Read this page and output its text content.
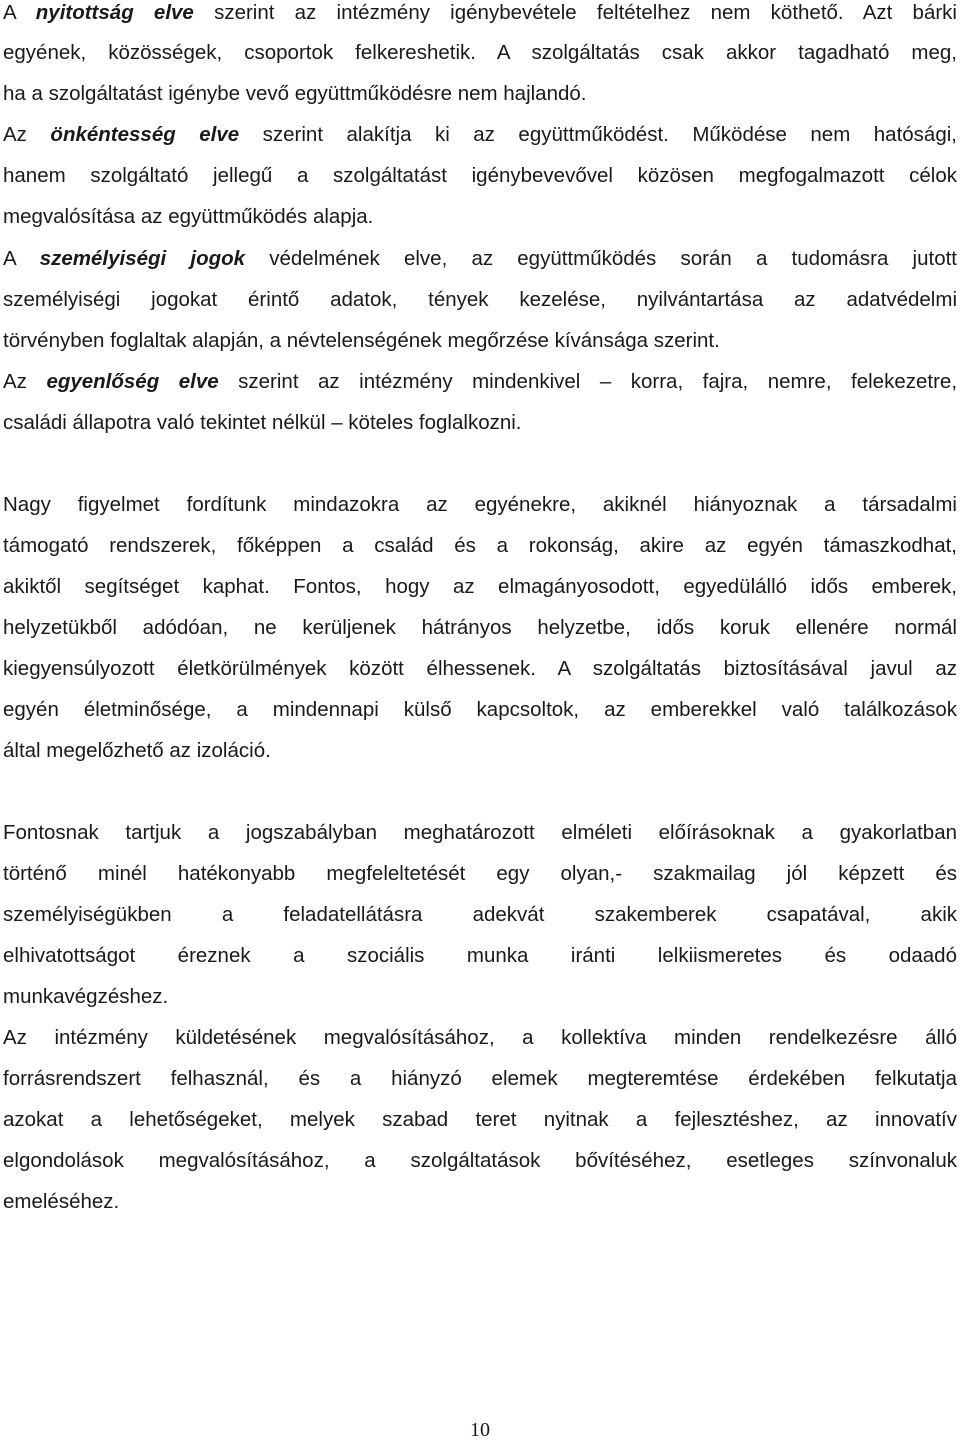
A nyitottság elve szerint az intézmény igénybevétele feltételhez nem köthető. Azt bárki
egyének, közösségek, csoportok felkereshetik. A szolgáltatás csak akkor tagadható meg,
ha a szolgáltatást igénybe vevő együttműködésre nem hajlandó.
Az önkéntesség elve szerint alakítja ki az együttműködést. Működése nem hatósági,
hanem szolgáltató jellegű a szolgáltatást igénybevevővel közösen megfogalmazott célok
megvalósítása az együttműködés alapja.
A személyiségi jogok védelmének elve, az együttműködés során a tudomásra jutott
személyiségi jogokat érintő adatok, tények kezelése, nyilvántartása az adatvédelmi
törvényben foglaltak alapján, a névtelenségének megőrzése kívánsága szerint.
Az egyenlőség elve szerint az intézmény mindenkivel – korra, fajra, nemre, felekezetre,
családi állapotra való tekintet nélkül – köteles foglalkozni.
Nagy figyelmet fordítunk mindazokra az egyénekre, akiknél hiányoznak a társadalmi
támogató rendszerek, főképpen a család és a rokonság, akire az egyén támaszkodhat,
akiktől segítséget kaphat. Fontos, hogy az elmagányosodott, egyedülálló idős emberek,
helyzetükből adódóan, ne kerüljenek hátrányos helyzetbe, idős koruk ellenére normál
kiegyensúlyozott életkörülmények között élhessenek. A szolgáltatás biztosításával javul az
egyén életminősége, a mindennapi külső kapcsoltok, az emberekkel való találkozások
által megelőzhető az izoláció.
Fontosnak tartjuk a jogszabályban meghatározott elméleti előírásoknak a gyakorlatban
történő minél hatékonyabb megfeleltetését egy olyan,- szakmailag jól képzett és
személyiségükben a feladatellátásra adekvát szakemberek csapatával, akik
elhivatottságot éreznek a szociális munka iránti lelkiismeretes és odaadó
munkavégzéshez.
Az intézmény küldetésének megvalósításához, a kollektíva minden rendelkezésre álló
forrásrendszert felhasznál, és a hiányzó elemek megteremtése érdekében felkutatja
azokat a lehetőségeket, melyek szabad teret nyitnak a fejlesztéshez, az innovatív
elgondolások megvalósításához, a szolgáltatások bővítéséhez, esetleges színvonaluk
emeléséhez.
10
